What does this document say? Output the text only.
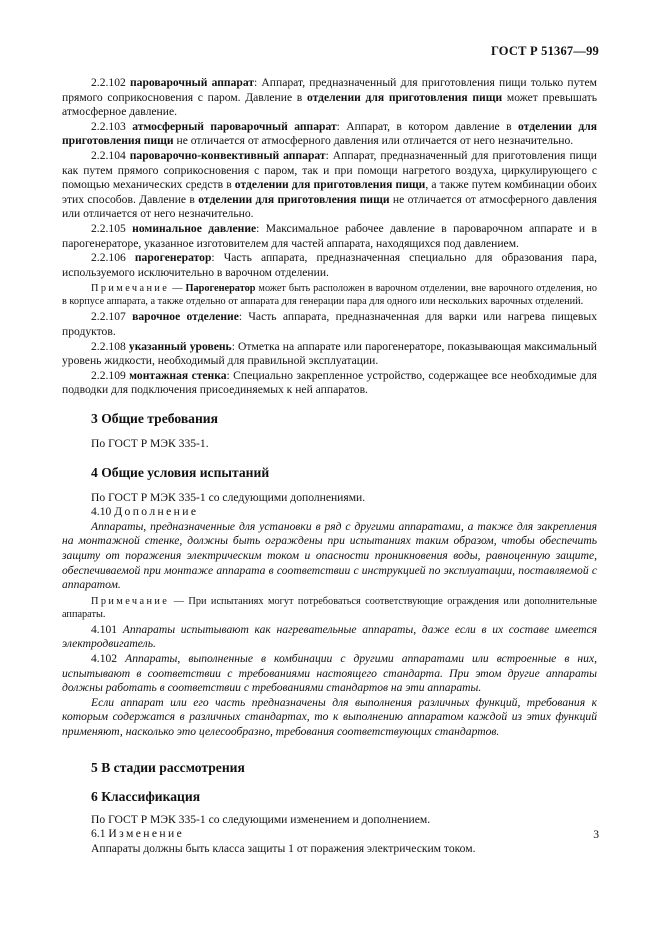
ГОСТ Р 51367—99

2.2.102 пароварочный аппарат: Аппарат, предназначенный для приготовления пищи только путем прямого соприкосновения с паром. Давление в отделении для приготовления пищи может превышать атмосферное давление.

2.2.103 атмосферный пароварочный аппарат: Аппарат, в котором давление в отделении для приготовления пищи не отличается от атмосферного давления или отличается от него незначительно.

2.2.104 пароварочно-конвективный аппарат: Аппарат, предназначенный для приготовления пищи как путем прямого соприкосновения с паром, так и при помощи нагретого воздуха, циркулирующего с помощью механических средств в отделении для приготовления пищи, а также путем комбинации обоих этих способов. Давление в отделении для приготовления пищи не отличается от атмосферного давления или отличается от него незначительно.

2.2.105 номинальное давление: Максимальное рабочее давление в пароварочном аппарате и в парогенераторе, указанное изготовителем для частей аппарата, находящихся под давлением.

2.2.106 парогенератор: Часть аппарата, предназначенная специально для образования пара, используемого исключительно в варочном отделении.

Примечание — Парогенератор может быть расположен в варочном отделении, вне варочного отделения, но в корпусе аппарата, а также отдельно от аппарата для генерации пара для одного или нескольких варочных отделений.

2.2.107 варочное отделение: Часть аппарата, предназначенная для варки или нагрева пищевых продуктов.

2.2.108 указанный уровень: Отметка на аппарате или парогенераторе, показывающая максимальный уровень жидкости, необходимый для правильной эксплуатации.

2.2.109 монтажная стенка: Специально закрепленное устройство, содержащее все необходимые для подводки для подключения присоединяемых к ней аппаратов.

3 Общие требования

По ГОСТ Р МЭК 335-1.

4 Общие условия испытаний

По ГОСТ Р МЭК 335-1 со следующими дополнениями.

4.10 Дополнение

Аппараты, предназначенные для установки в ряд с другими аппаратами, а также для закрепления на монтажной стенке, должны быть ограждены при испытаниях таким образом, чтобы обеспечить защиту от поражения электрическим током и опасности проникновения воды, равноценную защите, обеспечиваемой при монтаже аппарата в соответствии с инструкцией по эксплуатации, поставляемой с аппаратом.

Примечание — При испытаниях могут потребоваться соответствующие ограждения или дополнительные аппараты.

4.101 Аппараты испытывают как нагревательные аппараты, даже если в их составе имеется электродвигатель.

4.102 Аппараты, выполненные в комбинации с другими аппаратами или встроенные в них, испытывают в соответствии с требованиями настоящего стандарта. При этом другие аппараты должны работать в соответствии с требованиями стандартов на эти аппараты.

Если аппарат или его часть предназначены для выполнения различных функций, требования к которым содержатся в различных стандартах, то к выполнению аппаратом каждой из этих функций применяют, насколько это целесообразно, требования соответствующих стандартов.

5 В стадии рассмотрения
6 Классификация

По ГОСТ Р МЭК 335-1 со следующими изменением и дополнением.

6.1 Изменение

Аппараты должны быть класса защиты 1 от поражения электрическим током.

3
